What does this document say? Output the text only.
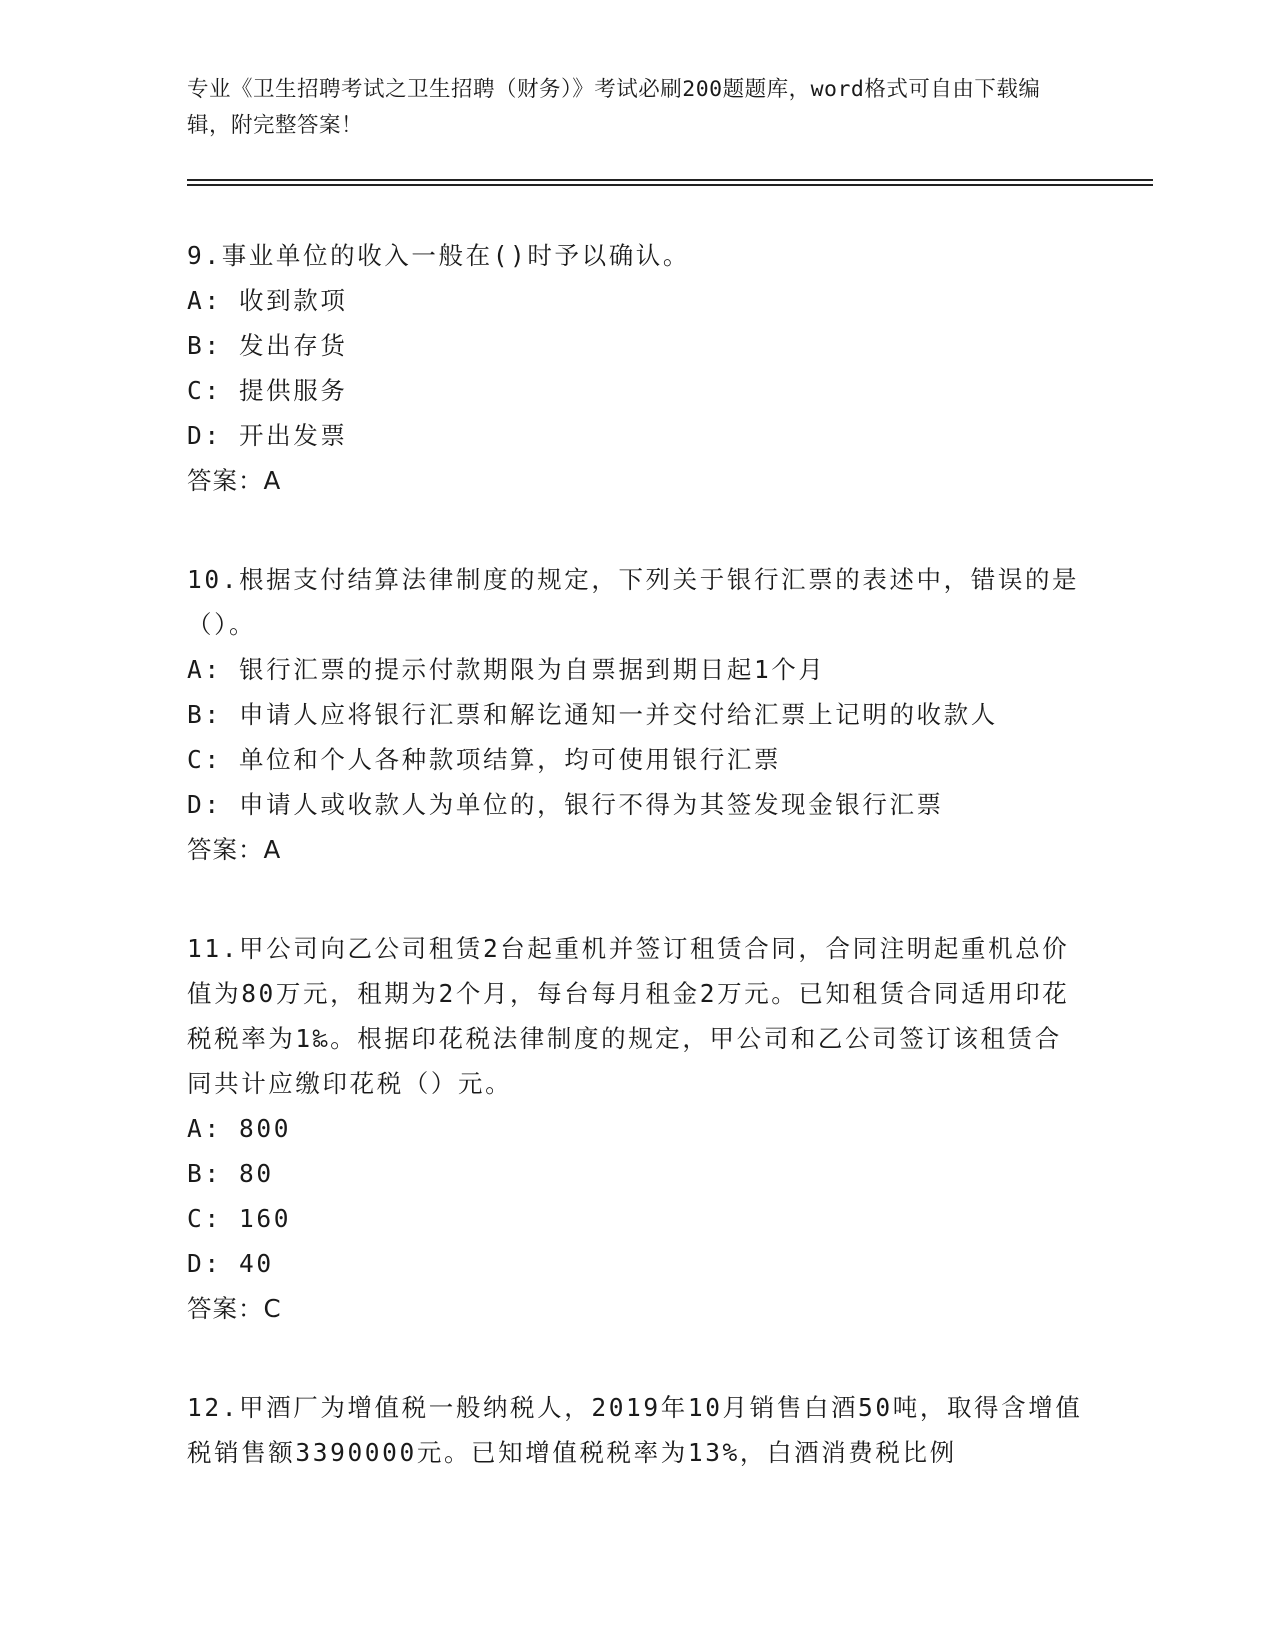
专业《卫生招聘考试之卫生招聘（财务）》考试必刷200题题库，word格式可自由下载编辑，附完整答案！

9.事业单位的收入一般在()时予以确认。

A: 收到款项

B: 发出存货

C: 提供服务

D: 开出发票

答案：A

10.根据支付结算法律制度的规定，下列关于银行汇票的表述中，错误的是（）。

A: 银行汇票的提示付款期限为自票据到期日起1个月

B: 申请人应将银行汇票和解讫通知一并交付给汇票上记明的收款人

C: 单位和个人各种款项结算，均可使用银行汇票

D: 申请人或收款人为单位的，银行不得为其签发现金银行汇票

答案：A

11.甲公司向乙公司租赁2台起重机并签订租赁合同，合同注明起重机总价值为80万元，租期为2个月，每台每月租金2万元。已知租赁合同适用印花税税率为1‰。根据印花税法律制度的规定，甲公司和乙公司签订该租赁合同共计应缴印花税（）元。

A: 800

B: 80

C: 160

D: 40

答案：C

12.甲酒厂为增值税一般纳税人，2019年10月销售白酒50吨，取得含增值税销售额3390000元。已知增值税税率为13%，白酒消费税比例
